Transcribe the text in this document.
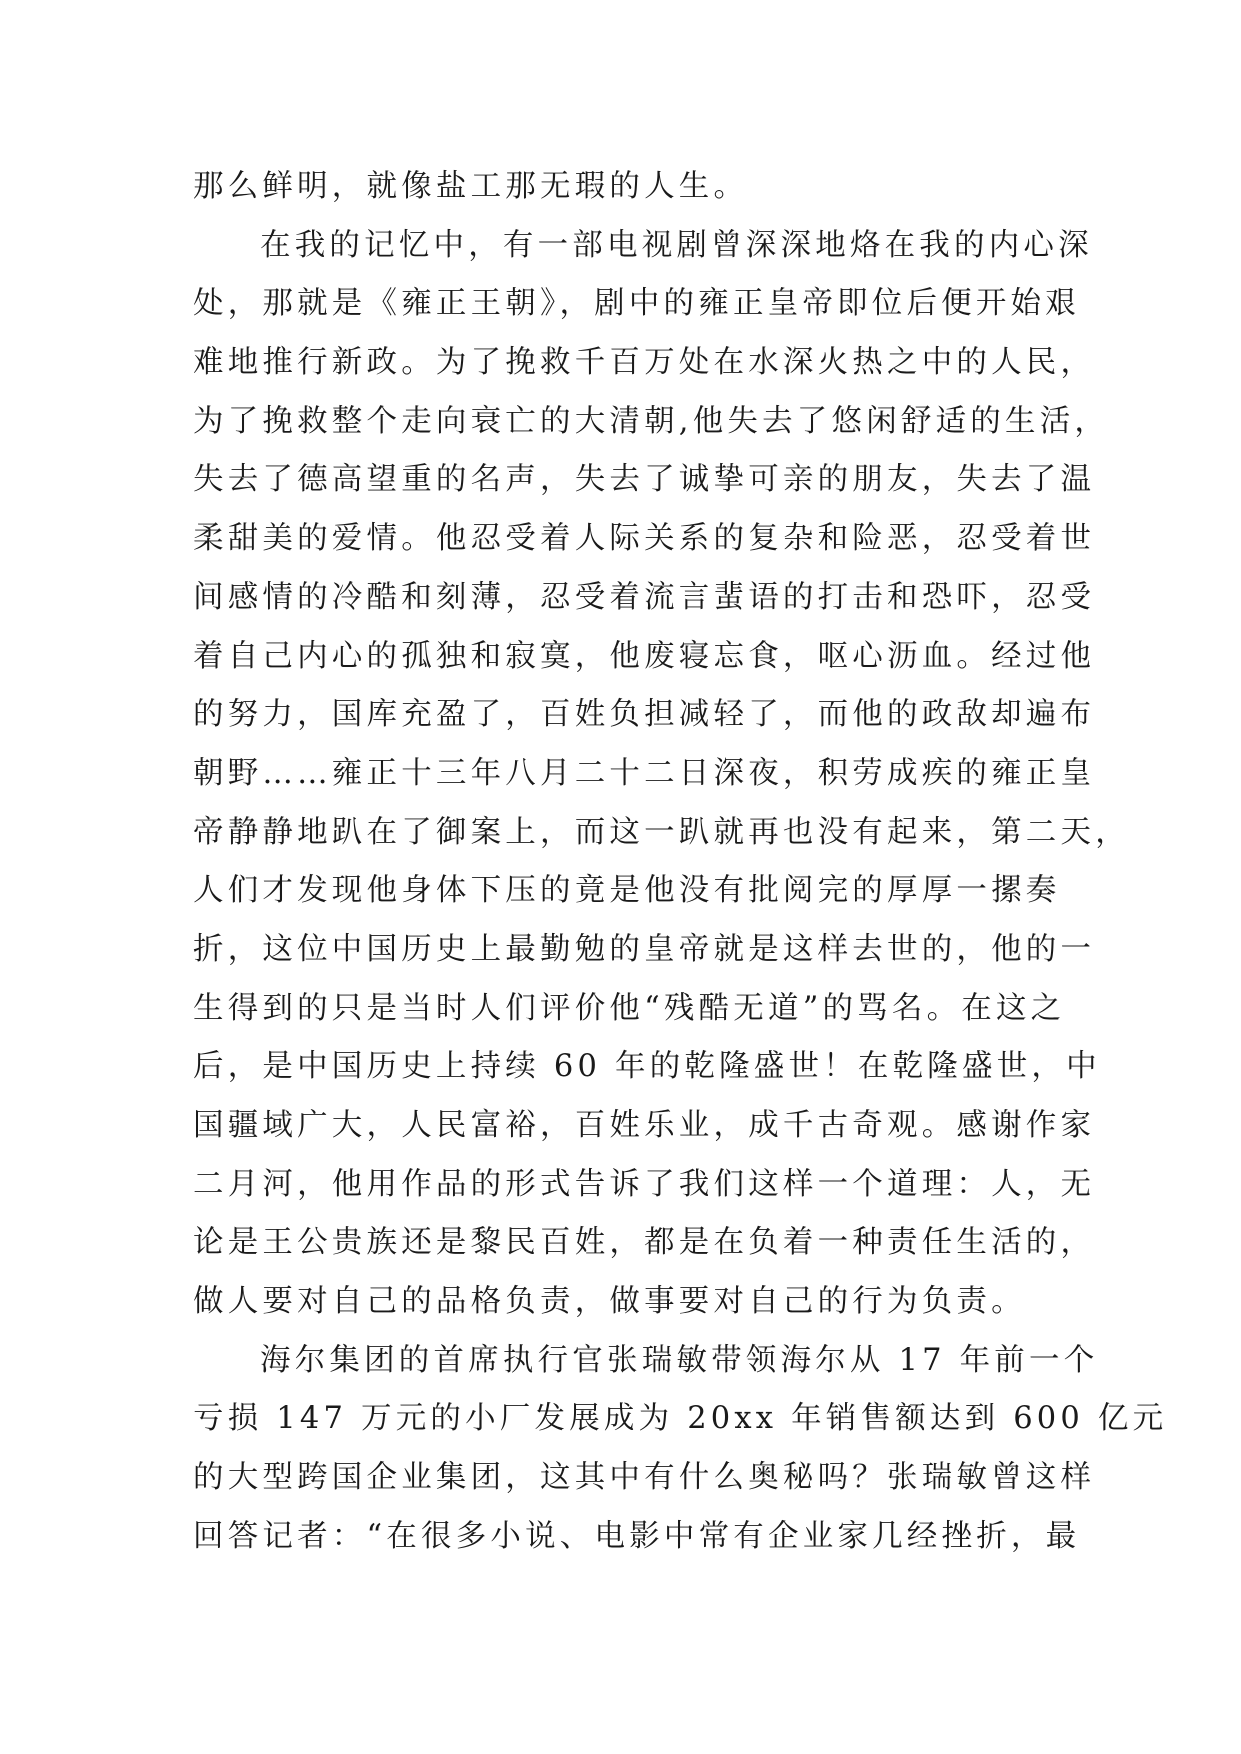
那么鲜明，就像盐工那无瑕的人生。
在我的记忆中，有一部电视剧曾深深地烙在我的内心深
处，那就是《雍正王朝》，剧中的雍正皇帝即位后便开始艰
难地推行新政。为了挽救千百万处在水深火热之中的人民，
为了挽救整个走向衰亡的大清朝,他失去了悠闲舒适的生活，
失去了德高望重的名声，失去了诚挚可亲的朋友，失去了温
柔甜美的爱情。他忍受着人际关系的复杂和险恶，忍受着世
间感情的冷酷和刻薄，忍受着流言蜚语的打击和恐吓，忍受
着自己内心的孤独和寂寞，他废寝忘食，呕心沥血。经过他
的努力，国库充盈了，百姓负担减轻了，而他的政敌却遍布
朝野……雍正十三年八月二十二日深夜，积劳成疾的雍正皇
帝静静地趴在了御案上，而这一趴就再也没有起来，第二天，
人们才发现他身体下压的竟是他没有批阅完的厚厚一摞奏
折，这位中国历史上最勤勉的皇帝就是这样去世的，他的一
生得到的只是当时人们评价他“残酷无道”的骂名。在这之
后，是中国历史上持续 60 年的乾隆盛世！在乾隆盛世，中
国疆域广大，人民富裕，百姓乐业，成千古奇观。感谢作家
二月河，他用作品的形式告诉了我们这样一个道理：人，无
论是王公贵族还是黎民百姓，都是在负着一种责任生活的，
做人要对自己的品格负责，做事要对自己的行为负责。
海尔集团的首席执行官张瑞敏带领海尔从 17 年前一个
亏损 147 万元的小厂发展成为 20xx 年销售额达到 600 亿元
的大型跨国企业集团，这其中有什么奥秘吗？张瑞敏曾这样
回答记者：“在很多小说、电影中常有企业家几经挫折，最
